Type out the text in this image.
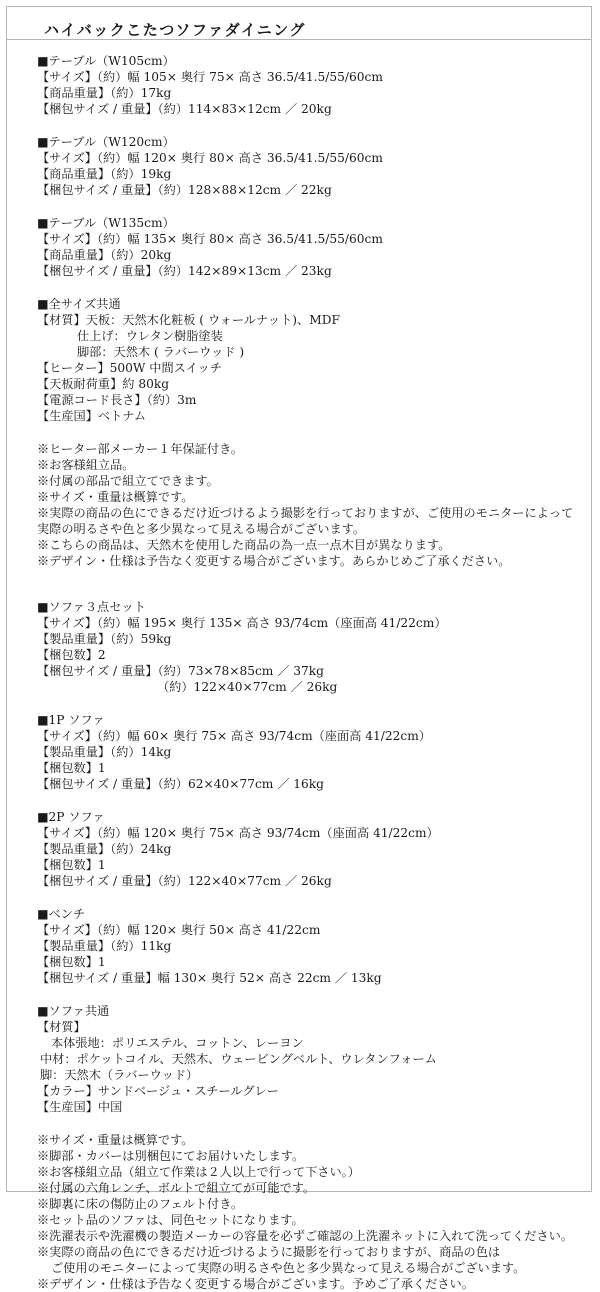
ハイバックこたつソファダイニング
■テーブル（W105cm）
【サイズ】（約）幅 105× 奥行 75× 高さ 36.5/41.5/55/60cm
【商品重量】（約）17kg
【梱包サイズ / 重量】（約）114×83×12cm ／ 20kg
■テーブル（W120cm）
【サイズ】（約）幅 120× 奥行 80× 高さ 36.5/41.5/55/60cm
【商品重量】（約）19kg
【梱包サイズ / 重量】（約）128×88×12cm ／ 22kg
■テーブル（W135cm）
【サイズ】（約）幅 135× 奥行 80× 高さ 36.5/41.5/55/60cm
【商品重量】（約）20kg
【梱包サイズ / 重量】（約）142×89×13cm ／ 23kg
■全サイズ共通
【材質】天板：天然木化粧板 ( ウォールナット)、MDF
仕上げ：ウレタン樹脂塗装
脚部：天然木 ( ラバーウッド )
【ヒーター】500W 中間スイッチ
【天板耐荷重】約 80kg
【電源コード長さ】（約）3m
【生産国】ベトナム
※ヒーター部メーカー１年保証付き。
※お客様組立品。
※付属の部品で組立てできます。
※サイズ・重量は概算です。
※実際の商品の色にできるだけ近づけるよう撮影を行っておりますが、ご使用のモニターによって
実際の明るさや色と多少異なって見える場合がございます。
※こちらの商品は、天然木を使用した商品の為一点一点木目が異なります。
※デザイン・仕様は予告なく変更する場合がございます。あらかじめご了承ください。
■ソファ３点セット
【サイズ】（約）幅 195× 奥行 135× 高さ 93/74cm（座面高 41/22cm）
【製品重量】（約）59kg
【梱包数】2
【梱包サイズ / 重量】（約）73×78×85cm ／ 37kg
（約）122×40×77cm ／ 26kg
■1P ソファ
【サイズ】（約）幅 60× 奥行 75× 高さ 93/74cm（座面高 41/22cm）
【製品重量】（約）14kg
【梱包数】1
【梱包サイズ / 重量】（約）62×40×77cm ／ 16kg
■2P ソファ
【サイズ】（約）幅 120× 奥行 75× 高さ 93/74cm（座面高 41/22cm）
【製品重量】（約）24kg
【梱包数】1
【梱包サイズ / 重量】（約）122×40×77cm ／ 26kg
■ベンチ
【サイズ】（約）幅 120× 奥行 50× 高さ 41/22cm
【製品重量】（約）11kg
【梱包数】1
【梱包サイズ / 重量】幅 130× 奥行 52× 高さ 22cm ／ 13kg
■ソファ共通
【材質】
本体張地：ポリエステル、コットン、レーヨン
中材：ポケットコイル、天然木、ウェービングベルト、ウレタンフォーム
脚：天然木（ラバーウッド）
【カラー】サンドベージュ・スチールグレー
【生産国】中国
※サイズ・重量は概算です。
※脚部・カバーは別梱包にてお届けいたします。
※お客様組立品（組立て作業は２人以上で行って下さい。）
※付属の六角レンチ、ボルトで組立てが可能です。
※脚裏に床の傷防止のフェルト付き。
※セット品のソファは、同色セットになります。
※洗濯表示や洗濯機の製造メーカーの容量を必ずご確認の上洗濯ネットに入れて洗ってください。
※実際の商品の色にできるだけ近づけるように撮影を行っておりますが、商品の色は
ご使用のモニターによって実際の明るさや色と多少異なって見える場合がございます。
※デザイン・仕様は予告なく変更する場合がございます。予めご了承ください。
